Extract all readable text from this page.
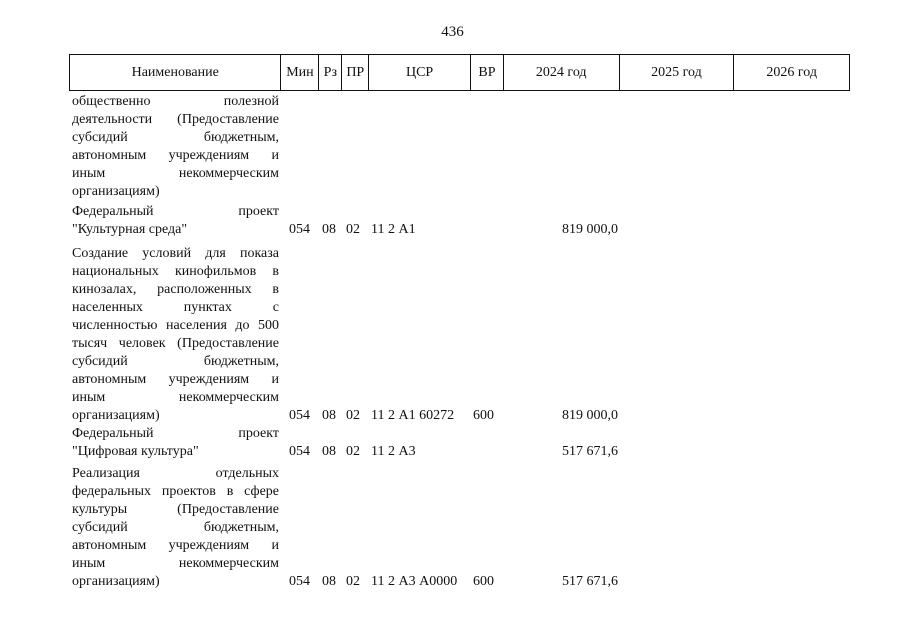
436
Наименование	Мин Рз ПР	ЦСР	ВР	2024 год	2025 год	2026 год
общественно полезной
деятельности (Предоставление
субсидий бюджетным,
автономным учреждениям и
иным некоммерческим
организациям)
Федеральный проект
"Культурная среда"	054 08 02 11 2 А1	819 000,0
Создание условий для показа
национальных кинофильмов в
кинозалах, расположенных в
населенных пунктах с
численностью населения до 500
тысяч человек (Предоставление
субсидий бюджетным,
автономным учреждениям и
иным некоммерческим
организациям)	054 08 02 11 2 А1 60272 600	819 000,0
Федеральный проект
"Цифровая культура"	054 08 02 11 2 А3	517 671,6
Реализация отдельных
федеральных проектов в сфере
культуры (Предоставление
субсидий бюджетным,
автономным учреждениям и
иным некоммерческим
организациям)	054 08 02 11 2 А3 А0000 600	517 671,6
